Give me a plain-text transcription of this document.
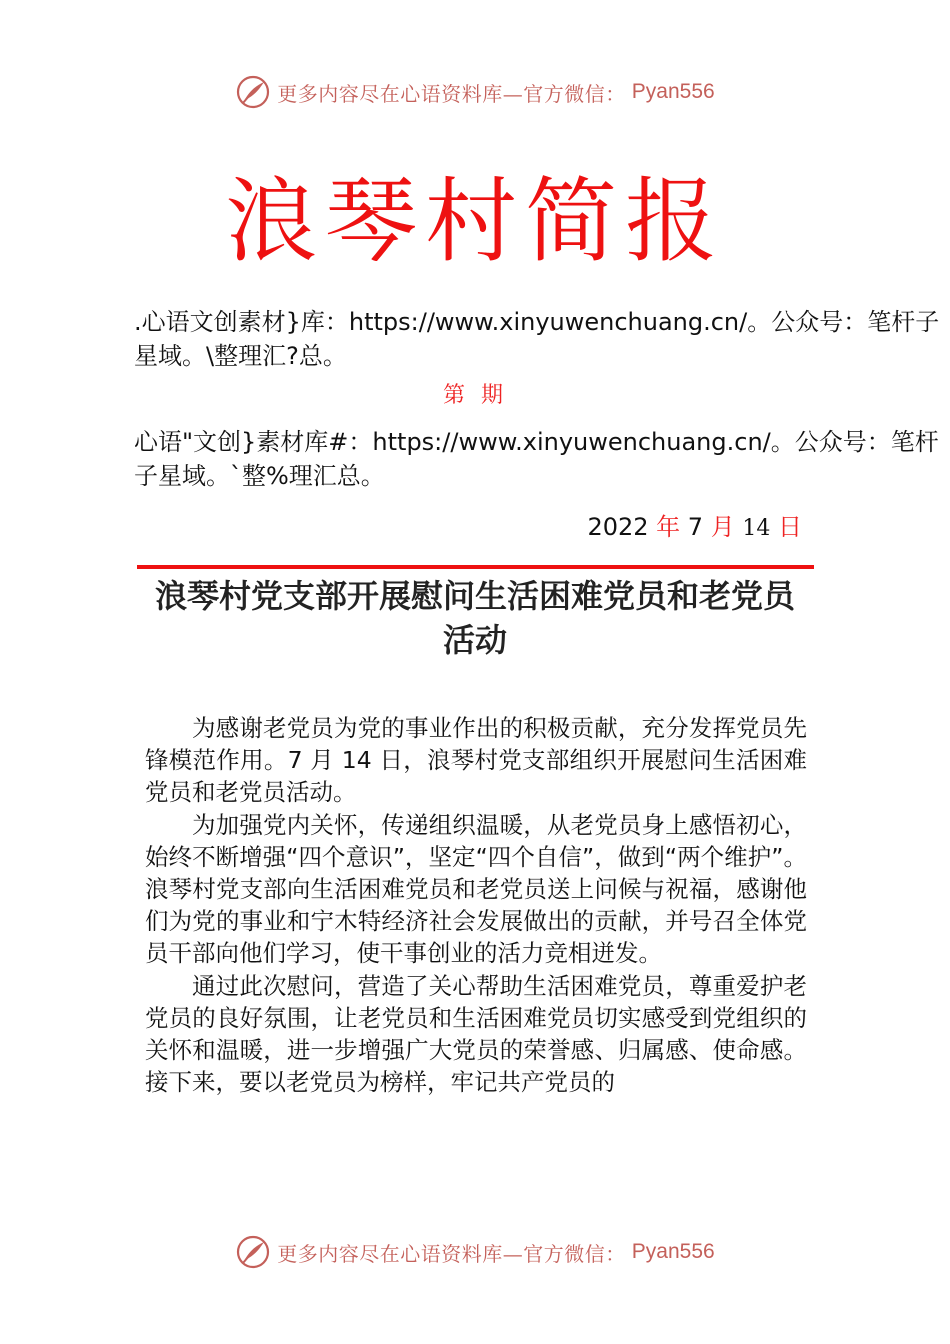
更多内容尽在心语资料库—官方微信： Pyan556
浪琴村简报
.心语文创素材}库：https://www.xinyuwenchuang.cn/。公众号：笔杆子星域。\整理汇?总。
第 期
心语"文创}素材库#：https://www.xinyuwenchuang.cn/。公众号：笔杆子星域。`整%理汇总。
2022 年 7 月 14 日
浪琴村党支部开展慰问生活困难党员和老党员活动

为感谢老党员为党的事业作出的积极贡献，充分发挥党员先锋模范作用。7 月 14 日，浪琴村党支部组织开展慰问生活困难党员和老党员活动。

为加强党内关怀，传递组织温暖，从老党员身上感悟初心，始终不断增强“四个意识”，坚定“四个自信”，做到“两个维护”。浪琴村党支部向生活困难党员和老党员送上问候与祝福，感谢他们为党的事业和宁木特经济社会发展做出的贡献，并号召全体党员干部向他们学习，使干事创业的活力竞相迸发。

通过此次慰问，营造了关心帮助生活困难党员，尊重爱护老党员的良好氛围，让老党员和生活困难党员切实感受到党组织的关怀和温暖，进一步增强广大党员的荣誉感、归属感、使命感。接下来，要以老党员为榜样，牢记共产党员的

更多内容尽在心语资料库—官方微信： Pyan556
